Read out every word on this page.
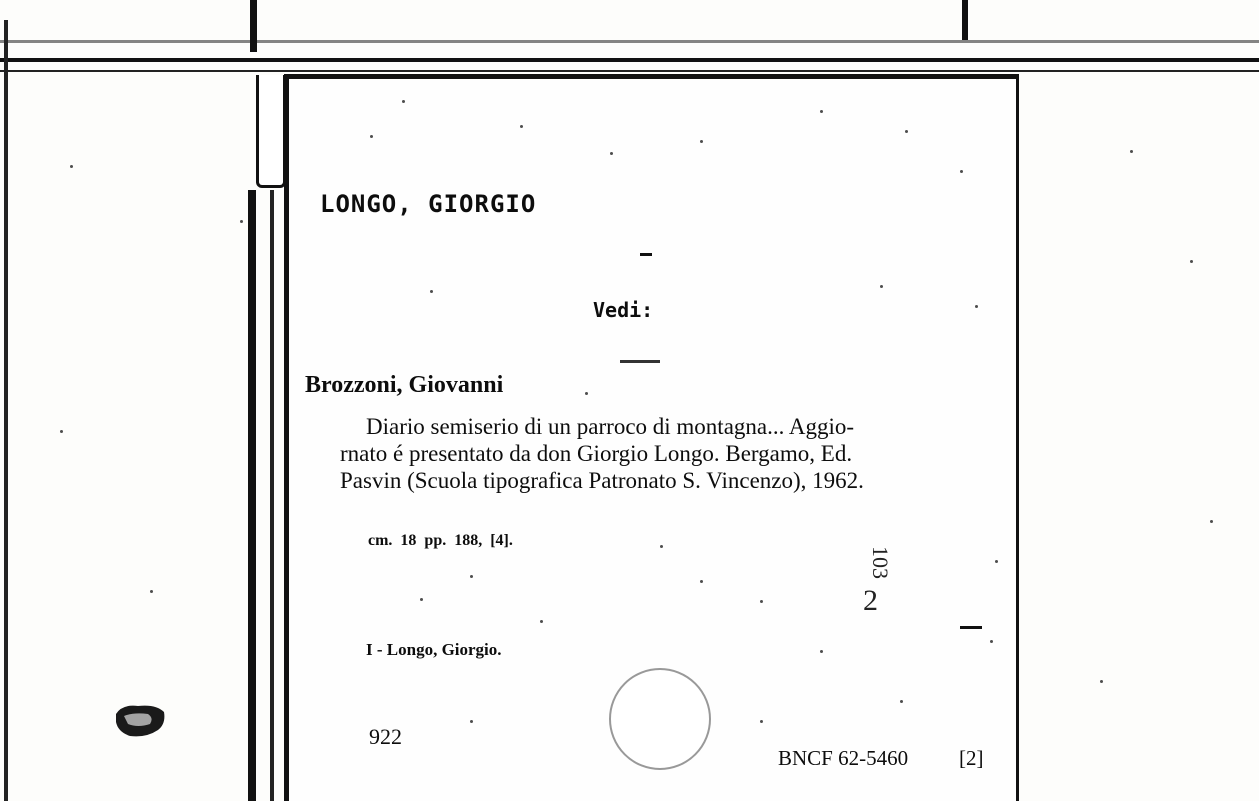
LONGO, GIORGIO
Vedi:
Brozzoni, Giovanni
Diario semiserio di un parroco di montagna... Aggio-
rnato é presentato da don Giorgio Longo. Bergamo, Ed.
Pasvin (Scuola tipografica Patronato S. Vincenzo), 1962.
cm. 18 pp. 188, [4].
103
2
I - Longo, Giorgio.
922
BNCF 62-5460 [2]
